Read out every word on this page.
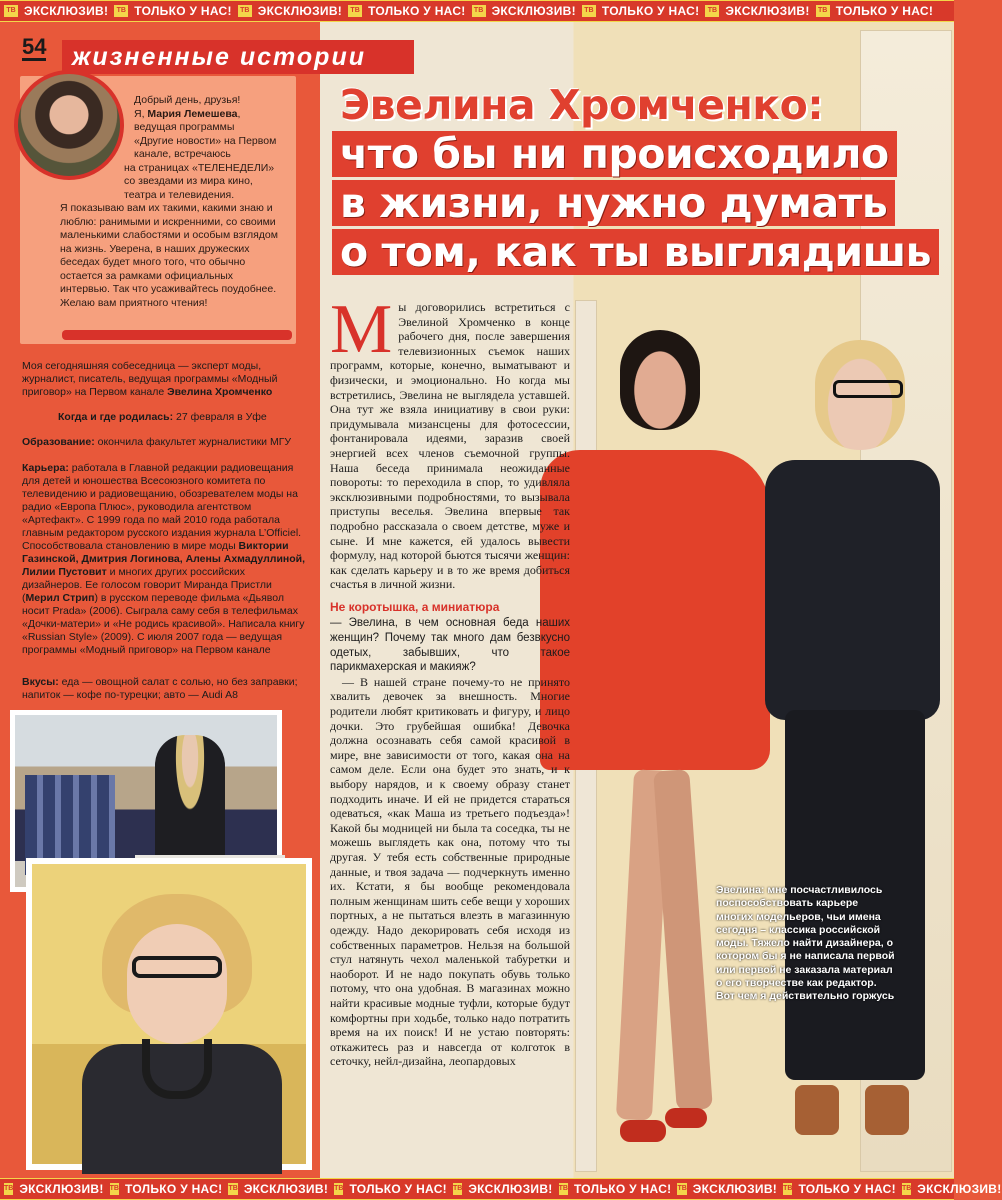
ТВ ЭКСКЛЮЗИВ!	ТВ ТОЛЬКО У НАС!	ТВ ЭКСКЛЮЗИВ!	ТВ ТОЛЬКО У НАС!	ТВ ЭКСКЛЮЗИВ!	ТВ ТОЛЬКО У НАС!	ТВ ЭКСКЛЮЗИВ!	ТВ ТОЛЬКО У НАС!
54	жизненные истории

Добрый день, друзья!

Я, Мария Лемешева,

ведущая программы

«Другие новости» на Первом

канале, встречаюсь

на страницах «ТЕЛЕНЕДЕЛИ»

со звездами из мира кино,

театра и телевидения.

Я показываю вам их такими, какими знаю и люблю: ранимыми и искренними, со своими маленькими слабостями и особым взглядом на жизнь. Уверена, в наших дружеских беседах будет много того, что обычно остается за рамками официальных интервью. Так что усаживайтесь поудобнее.

Желаю вам приятного чтения!

Моя сегодняшняя собеседница — эксперт моды, журналист, писатель, ведущая программы «Модный приговор» на Первом канале Эвелина Хромченко
Когда и где родилась: 27 февраля в Уфе
Образование: окончила факультет журналистики МГУ
Карьера: работала в Главной редакции радиовещания для детей и юношества Всесоюзного комитета по телевидению и радиовещанию, обозревателем моды на радио «Европа Плюс», руководила агентством «Артефакт». С 1999 года по май 2010 года работала главным редактором русского издания журнала L’Officiel. Способствовала становлению в мире моды Виктории Газинской, Дмитрия Логинова, Алены Ахмадуллиной, Лилии Пустовит и многих других российских дизайнеров. Ее голосом говорит Миранда Пристли (Мерил Стрип) в русском переводе фильма «Дьявол носит Prada» (2006). Сыграла саму себя в телефильмах «Дочки-матери» и «Не родись красивой». Написала книгу «Russian Style» (2009). С июля 2007 года — ведущая программы «Модный приговор» на Первом канале
Вкусы: еда — овощной салат с солью, но без заправки; напиток — кофе по-турецки; авто — Audi A8
Эвелина Хромченко:
что бы ни происходило
в жизни, нужно думать
о том, как ты выглядишь

Мы договорились встретиться с Эвелиной Хромченко в конце рабочего дня, после завершения телевизионных съемок наших программ, которые, конечно, выматывают и физически, и эмоционально. Но когда мы встретились, Эвелина не выглядела уставшей. Она тут же взяла инициативу в свои руки: придумывала мизансцены для фотосессии, фонтанировала идеями, заразив своей энергией всех членов съемочной группы. Наша беседа принимала неожиданные повороты: то переходила в спор, то удивляла эксклюзивными подробностями, то вызывала приступы веселья. Эвелина впервые так подробно рассказала о своем детстве, муже и сыне. И мне кажется, ей удалось вывести формулу, над которой бьются тысячи женщин: как сделать карьеру и в то же время добиться счастья в личной жизни.

Не коротышка, а миниатюра

— Эвелина, в чем основная беда наших женщин? Почему так много дам безвкусно одетых, забывших, что такое парикмахерская и макияж?

— В нашей стране почему-то не принято хвалить девочек за внешность. Многие родители любят критиковать и фигуру, и лицо дочки. Это грубейшая ошибка! Девочка должна осознавать себя самой красивой в мире, вне зависимости от того, какая она на самом деле. Если она будет это знать, и к выбору нарядов, и к своему образу станет подходить иначе. И ей не придется стараться одеваться, «как Маша из третьего подъезда»! Какой бы модницей ни была та соседка, ты не можешь выглядеть как она, потому что ты другая. У тебя есть собственные природные данные, и твоя задача — подчеркнуть именно их. Кстати, я бы вообще рекомендовала полным женщинам шить себе вещи у хороших портных, а не пытаться влезть в магазинную одежду. Надо декорировать себя исходя из собственных параметров. Нельзя на большой стул натянуть чехол маленькой табуретки и наоборот. И не надо покупать обувь только потому, что она удобная. В магазинах можно найти красивые модные туфли, которые будут комфортны при ходьбе, только надо потратить время на их поиск! И не устаю повторять: откажитесь раз и навсегда от колготок в сеточку, нейл-дизайна, леопардовых

Эвелина: мне посчастливилось поспособствовать карьере многих модельеров, чьи имена сегодня – классика российской моды. Тяжело найти дизайнера, о котором бы я не написала первой или первой не заказала материал о его творчестве как редактор. Вот чем я действительно горжусь
ТВ ЭКСКЛЮЗИВ! ТВ ТОЛЬКО У НАС! ТВ ЭКСКЛЮЗИВ! ТВ ТОЛЬКО У НАС! ТВ ЭКСКЛЮЗИВ! ТВ ТОЛЬКО У НАС! ТВ ЭКСКЛЮЗИВ! ТВ ТОЛЬКО У НАС! ТВ ЭКСКЛЮЗИВ!
